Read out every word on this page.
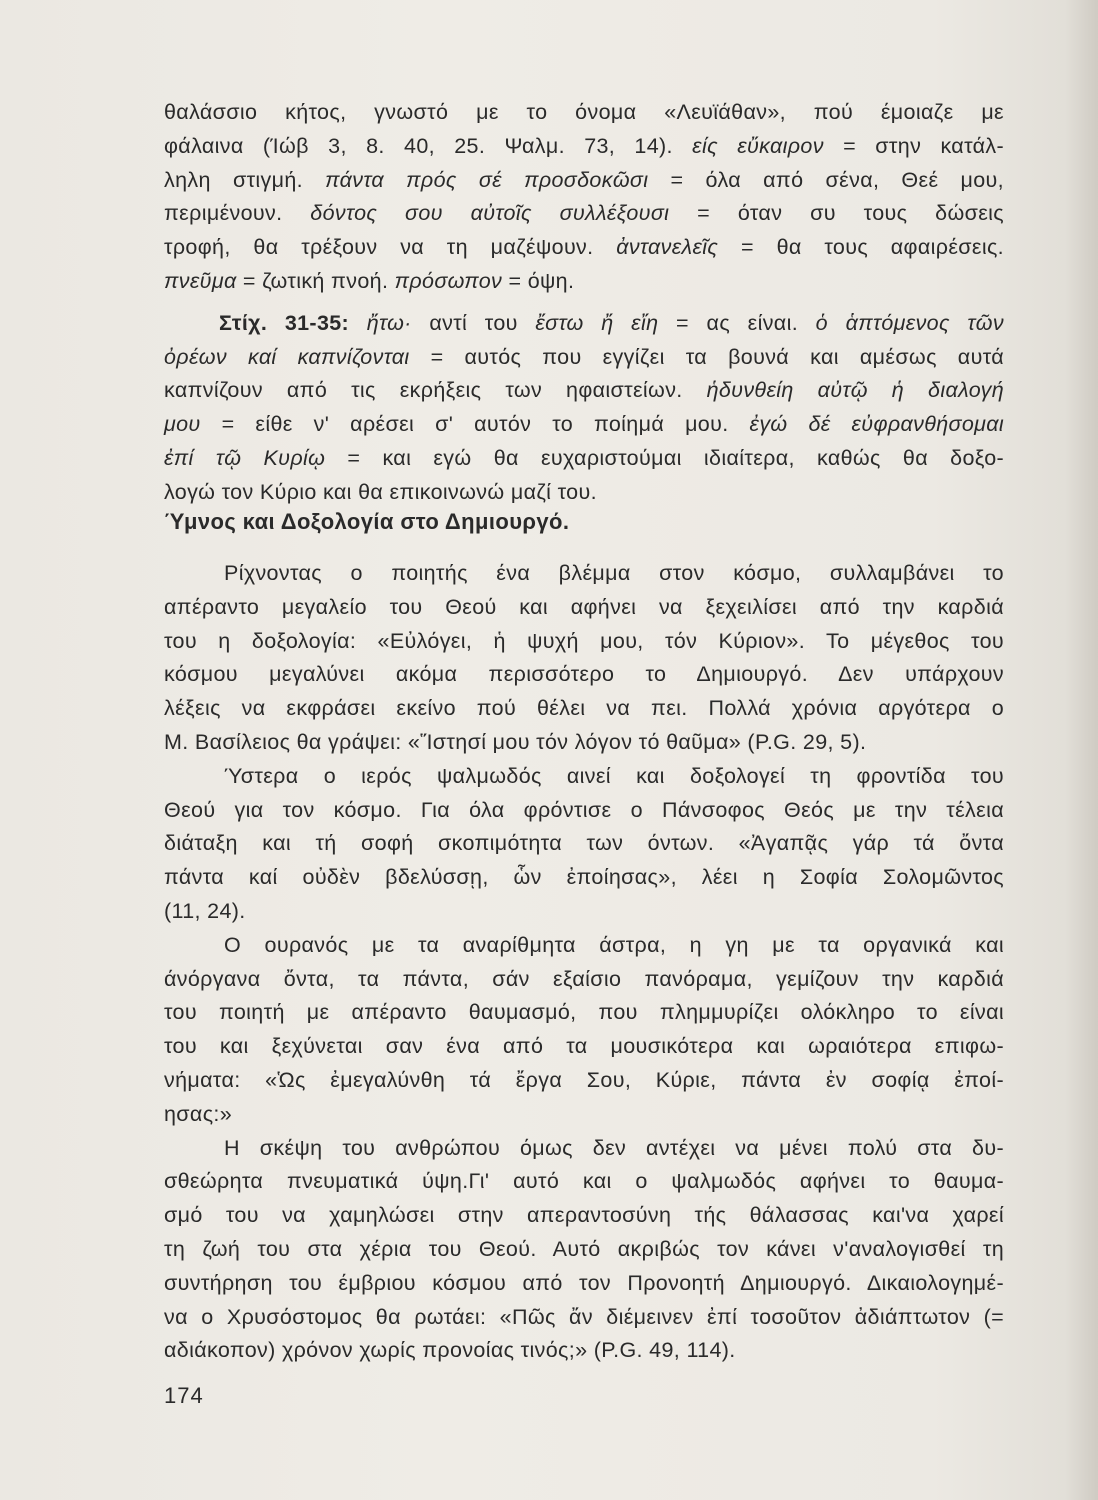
θαλάσσιο κήτος, γνωστό με το όνομα «Λευϊάθαν», πού έμοιαζε με
φάλαινα (Ίώβ 3, 8. 40, 25. Ψαλμ. 73, 14). είς εὔκαιρον = στην κατάλ-
ληλη στιγμή. πάντα πρός σέ προσδοκῶσι = όλα από σένα, Θεέ μου,
περιμένουν. δόντος σου αὐτοῖς συλλέξουσι = όταν συ τους δώσεις
τροφή, θα τρέξουν να τη μαζέψουν. ἀντανελεῖς = θα τους αφαιρέσεις.
πνεῦμα = ζωτική πνοή. πρόσωπον = όψη.
Στίχ. 31-35: ἤτω· αντί του ἔστω ἤ εἴη = ας είναι. ὁ ἁπτόμενος τῶν
ὀρέων καί καπνίζονται = αυτός που εγγίζει τα βουνά και αμέσως αυτά
καπνίζουν από τις εκρήξεις των ηφαιστείων. ἡδυνθείη αὐτῷ ἡ διαλογή
μου = είθε ν' αρέσει σ' αυτόν το ποίημά μου. ἐγώ δέ εὐφρανθήσομαι
ἐπί τῷ Κυρίῳ = και εγώ θα ευχαριστούμαι ιδιαίτερα, καθώς θα δοξο-
λογώ τον Κύριο και θα επικοινωνώ μαζί του.
Ύμνος και Δοξολογία στο Δημιουργό.
Ρίχνοντας ο ποιητής ένα βλέμμα στον κόσμο, συλλαμβάνει το
απέραντο μεγαλείο του Θεού και αφήνει να ξεχειλίσει από την καρδιά
του η δοξολογία: «Εὐλόγει, ἡ ψυχή μου, τόν Κύριον». Το μέγεθος του
κόσμου μεγαλύνει ακόμα περισσότερο το Δημιουργό. Δεν υπάρχουν
λέξεις να εκφράσει εκείνο πού θέλει να πει. Πολλά χρόνια αργότερα ο
Μ. Βασίλειος θα γράψει: «Ἵστησί μου τόν λόγον τό θαῦμα» (P.G. 29, 5).
Ύστερα ο ιερός ψαλμωδός αινεί και δοξολογεί τη φροντίδα του
Θεού για τον κόσμο. Για όλα φρόντισε ο Πάνσοφος Θεός με την τέλεια
διάταξη και τή σοφή σκοπιμότητα των όντων. «Ἀγαπᾷς γάρ τά ὄντα
πάντα καί οὐδὲν βδελύσσῃ, ὧν ἐποίησας», λέει η Σοφία Σολομῶντος
(11, 24).
Ο ουρανός με τα αναρίθμητα άστρα, η γη με τα οργανικά και
άνόργανα ὄντα, τα πάντα, σάν εξαίσιο πανόραμα, γεμίζουν την καρδιά
του ποιητή με απέραντο θαυμασμό, που πλημμυρίζει ολόκληρο το είναι
του και ξεχύνεται σαν ένα από τα μουσικότερα και ωραιότερα επιφω-
νήματα: «Ὡς ἐμεγαλύνθη τά ἔργα Σου, Κύριε, πάντα ἐν σοφίᾳ ἐποί-
ησας:»
Η σκέψη του ανθρώπου όμως δεν αντέχει να μένει πολύ στα δυ-
σθεώρητα πνευματικά ύψη.Γι' αυτό και ο ψαλμωδός αφήνει το θαυμα-
σμό του να χαμηλώσει στην απεραντοσύνη τής θάλασσας και'να χαρεί
τη ζωή του στα χέρια του Θεού. Αυτό ακριβώς τον κάνει ν'αναλογισθεί τη
συντήρηση του έμβριου κόσμου από τον Προνοητή Δημιουργό. Δικαιολογημέ-
να ο Χρυσόστομος θα ρωτάει: «Πῶς ἄν διέμεινεν ἐπί τοσοῦτον ἀδιάπτωτον (=
αδιάκοπον) χρόνον χωρίς προνοίας τινός;» (P.G. 49, 114).
174
